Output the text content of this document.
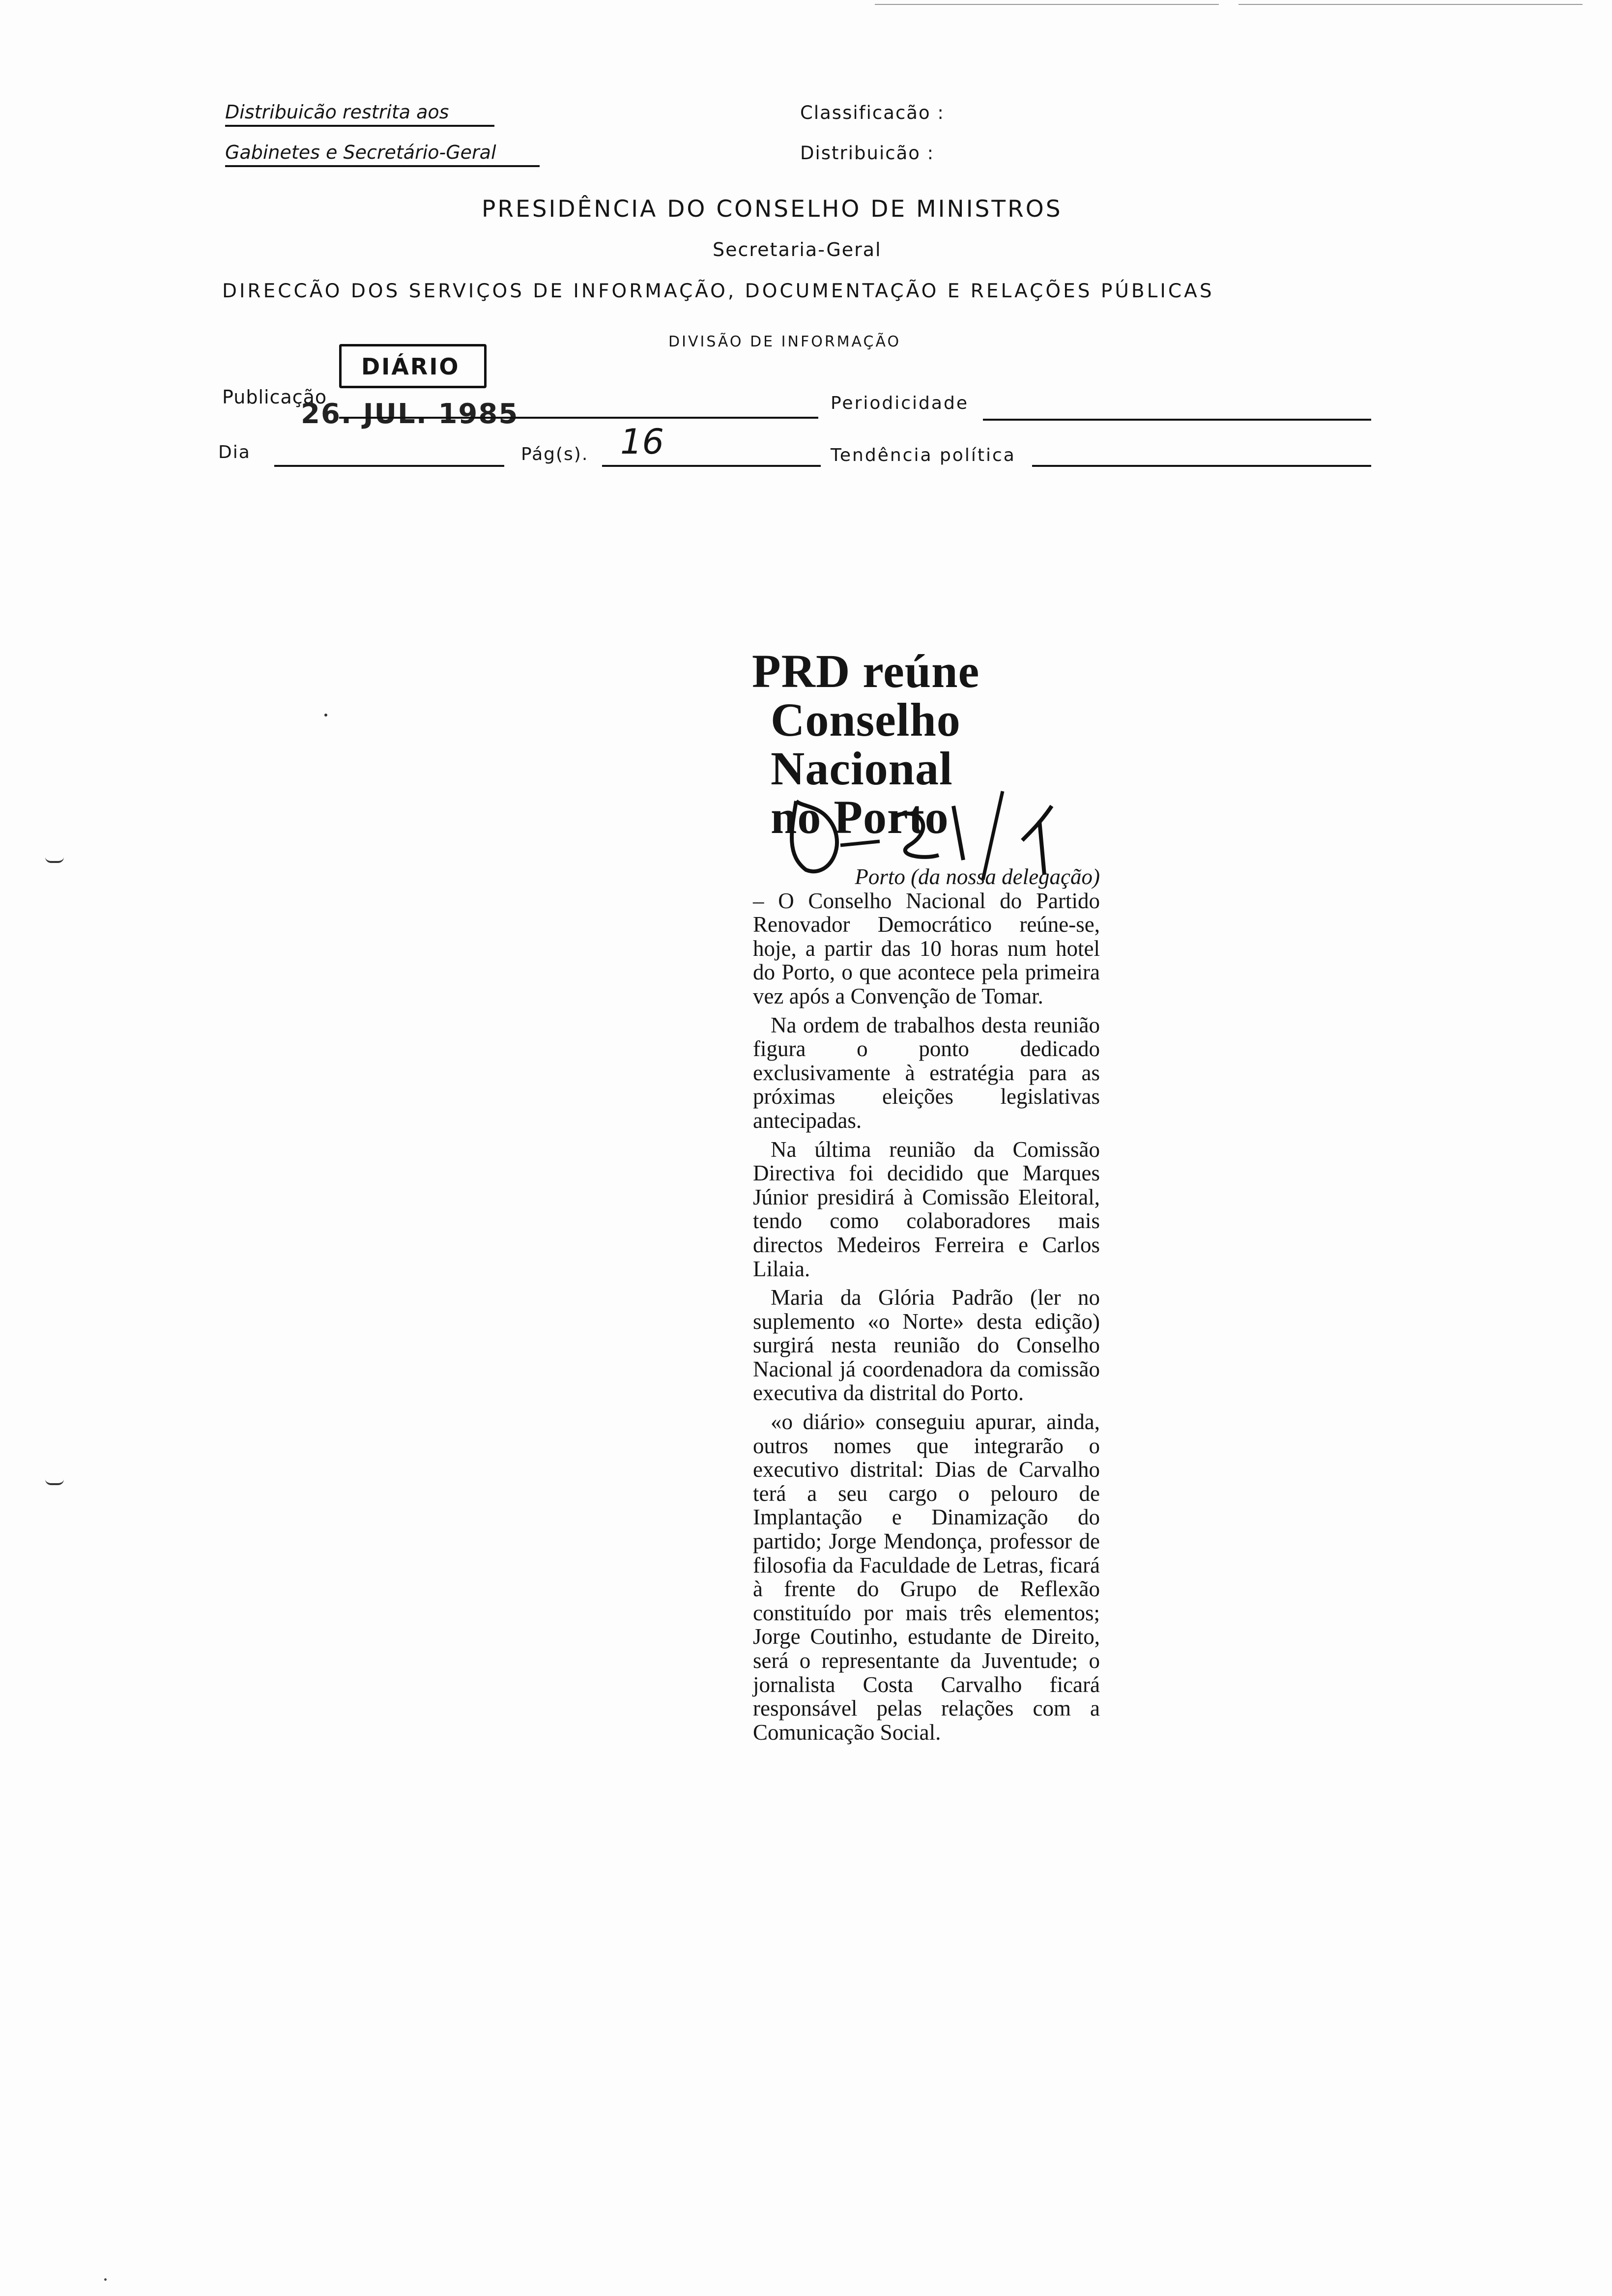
Distribuicão restrita aos
Gabinetes e Secretário-Geral
Classificacão :
Distribuicão :
PRESIDÊNCIA DO CONSELHO DE MINISTROS
Secretaria-Geral
DIRECCÃO DOS SERVIÇOS DE INFORMAÇÃO, DOCUMENTAÇÃO E RELAÇÕES PÚBLICAS
DIVISÃO DE INFORMAÇÃO
DIÁRIO
Publicação
26. JUL. 1985	Periodicidade
Dia	Pág(s). 16	Tendência política
PRD reúne
Conselho
Nacional
no Porto

Porto (da nossa delegação)

– O Conselho Nacional do Partido Renovador Democrático reúne-se, hoje, a partir das 10 horas num hotel do Porto, o que acontece pela primeira vez após a Convenção de Tomar.

Na ordem de trabalhos desta reunião figura o ponto dedicado exclusivamente à estratégia para as próximas eleições legislativas antecipadas.

Na última reunião da Comissão Directiva foi decidido que Marques Júnior presidirá à Comissão Eleitoral, tendo como colaboradores mais directos Medeiros Ferreira e Carlos Lilaia.

Maria da Glória Padrão (ler no suplemento «o Norte» desta edição) surgirá nesta reunião do Conselho Nacional já coordenadora da comissão executiva da distrital do Porto.

«o diário» conseguiu apurar, ainda, outros nomes que integrarão o executivo distrital: Dias de Carvalho terá a seu cargo o pelouro de Implantação e Dinamização do partido; Jorge Mendonça, professor de filosofia da Faculdade de Letras, ficará à frente do Grupo de Reflexão constituído por mais três elementos; Jorge Coutinho, estudante de Direito, será o representante da Juventude; o jornalista Costa Carvalho ficará responsável pelas relações com a Comunicação Social.
